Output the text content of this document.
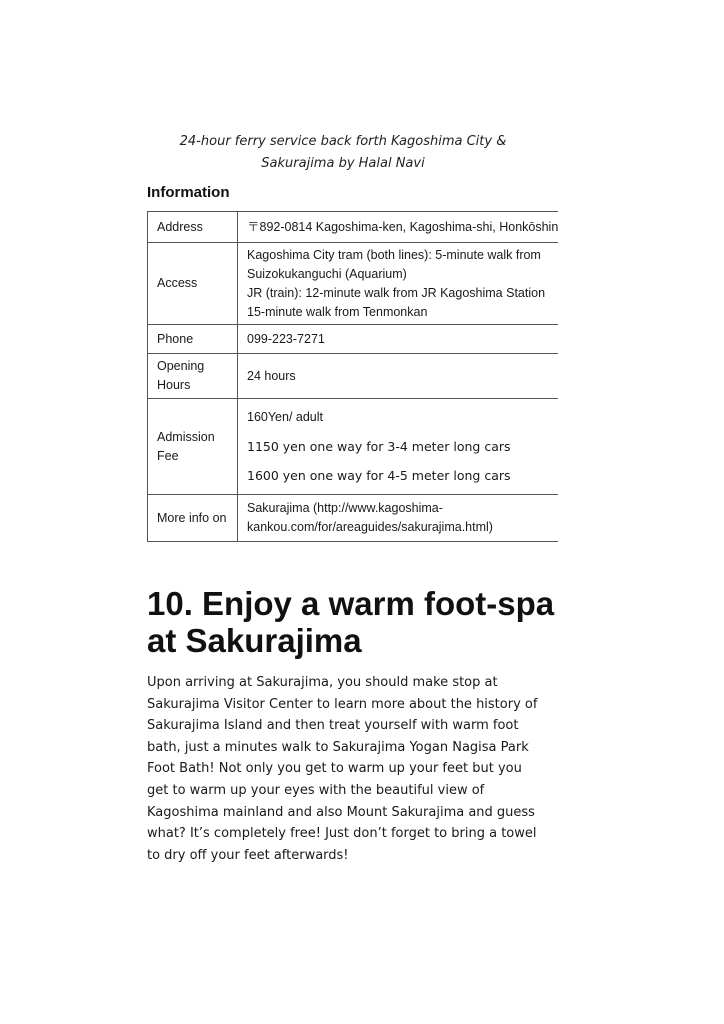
24-hour ferry service back forth Kagoshima City &
Sakurajima by Halal Navi
Information
Address	〒892-0814 Kagoshima-ken, Kagoshima-shi, Honkōshin
Access	Kagoshima City tram (both lines): 5-minute walk from
Suizokukanguchi (Aquarium)
JR (train): 12-minute walk from JR Kagoshima Station
15-minute walk from Tenmonkan

Phone	099-223-7271
Opening Hours	24 hours
Admission Fee	160Yen/ adult
1150 yen one way for 3-4 meter long cars
1600 yen one way for 4-5 meter long cars

More info on	Sakurajima (http://www.kagoshima-
kankou.com/for/areaguides/sakurajima.html)
10. Enjoy a warm foot-spa at Sakurajima

Upon arriving at Sakurajima, you should make stop at Sakurajima Visitor Center to learn more about the history of Sakurajima Island and then treat yourself with warm foot bath, just a minutes walk to Sakurajima Yogan Nagisa Park Foot Bath! Not only you get to warm up your feet but you get to warm up your eyes with the beautiful view of Kagoshima mainland and also Mount Sakurajima and guess what? It’s completely free! Just don’t forget to bring a towel to dry off your feet afterwards!
